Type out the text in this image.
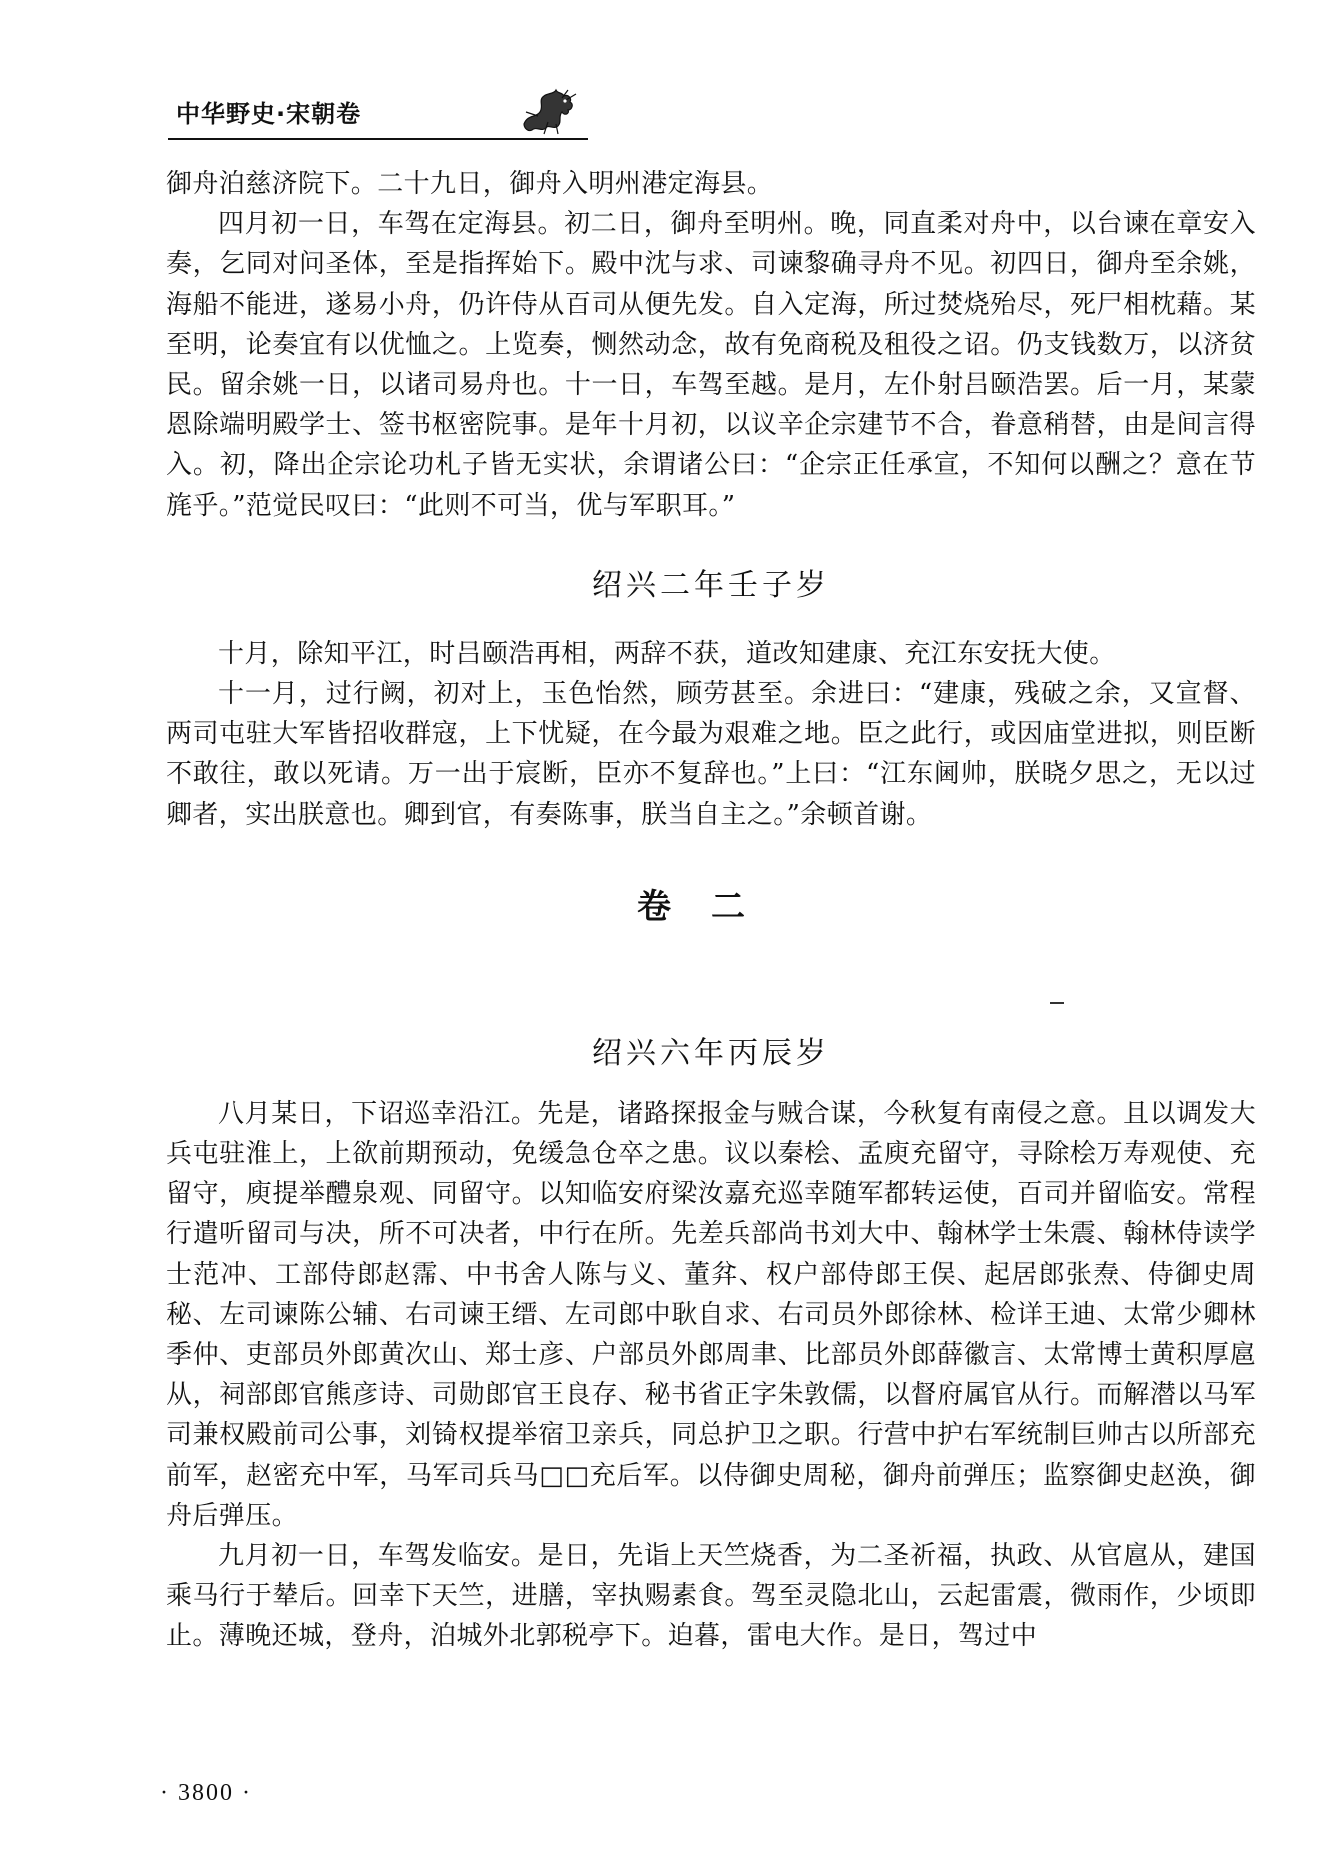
中华野史·宋朝卷

御舟泊慈济院下。二十九日，御舟入明州港定海县。

四月初一日，车驾在定海县。初二日，御舟至明州。晚，同直柔对舟中，以台谏在章安入奏，乞同对问圣体，至是指挥始下。殿中沈与求、司谏黎确寻舟不见。初四日，御舟至余姚，海船不能进，遂易小舟，仍许侍从百司从便先发。自入定海，所过焚烧殆尽，死尸相枕藉。某至明，论奏宜有以优恤之。上览奏，恻然动念，故有免商税及租役之诏。仍支钱数万，以济贫民。留余姚一日，以诸司易舟也。十一日，车驾至越。是月，左仆射吕颐浩罢。后一月，某蒙恩除端明殿学士、签书枢密院事。是年十月初，以议辛企宗建节不合，眷意稍替，由是间言得入。初，降出企宗论功札子皆无实状，余谓诸公曰：“企宗正任承宣，不知何以酬之？意在节旄乎。”范觉民叹曰：“此则不可当，优与军职耳。”

绍兴二年壬子岁

十月，除知平江，时吕颐浩再相，两辞不获，道改知建康、充江东安抚大使。

十一月，过行阙，初对上，玉色怡然，顾劳甚至。余进曰：“建康，残破之余，又宣督、两司屯驻大军皆招收群寇，上下忧疑，在今最为艰难之地。臣之此行，或因庙堂进拟，则臣断不敢往，敢以死请。万一出于宸断，臣亦不复辞也。”上曰：“江东阃帅，朕晓夕思之，无以过卿者，实出朕意也。卿到官，有奏陈事，朕当自主之。”余顿首谢。

卷二
绍兴六年丙辰岁

八月某日，下诏巡幸沿江。先是，诸路探报金与贼合谋，今秋复有南侵之意。且以调发大兵屯驻淮上，上欲前期预动，免缓急仓卒之患。议以秦桧、孟庾充留守，寻除桧万寿观使、充留守，庾提举醴泉观、同留守。以知临安府梁汝嘉充巡幸随军都转运使，百司并留临安。常程行遣听留司与决，所不可决者，中行在所。先差兵部尚书刘大中、翰林学士朱震、翰林侍读学士范冲、工部侍郎赵霈、中书舍人陈与义、董弅、权户部侍郎王俣、起居郎张焘、侍御史周秘、左司谏陈公辅、右司谏王缙、左司郎中耿自求、右司员外郎徐林、检详王迪、太常少卿林季仲、吏部员外郎黄次山、郑士彦、户部员外郎周聿、比部员外郎薛徽言、太常博士黄积厚扈从，祠部郎官熊彦诗、司勋郎官王良存、秘书省正字朱敦儒，以督府属官从行。而解潜以马军司兼权殿前司公事，刘锜权提举宿卫亲兵，同总护卫之职。行营中护右军统制巨帅古以所部充前军，赵密充中军，马军司兵马□□充后军。以侍御史周秘，御舟前弹压；监察御史赵涣，御舟后弹压。

九月初一日，车驾发临安。是日，先诣上天竺烧香，为二圣祈福，执政、从官扈从，建国乘马行于辇后。回幸下天竺，进膳，宰执赐素食。驾至灵隐北山，云起雷震，微雨作，少顷即止。薄晚还城，登舟，泊城外北郭税亭下。迫暮，雷电大作。是日，驾过中

· 3800 ·
